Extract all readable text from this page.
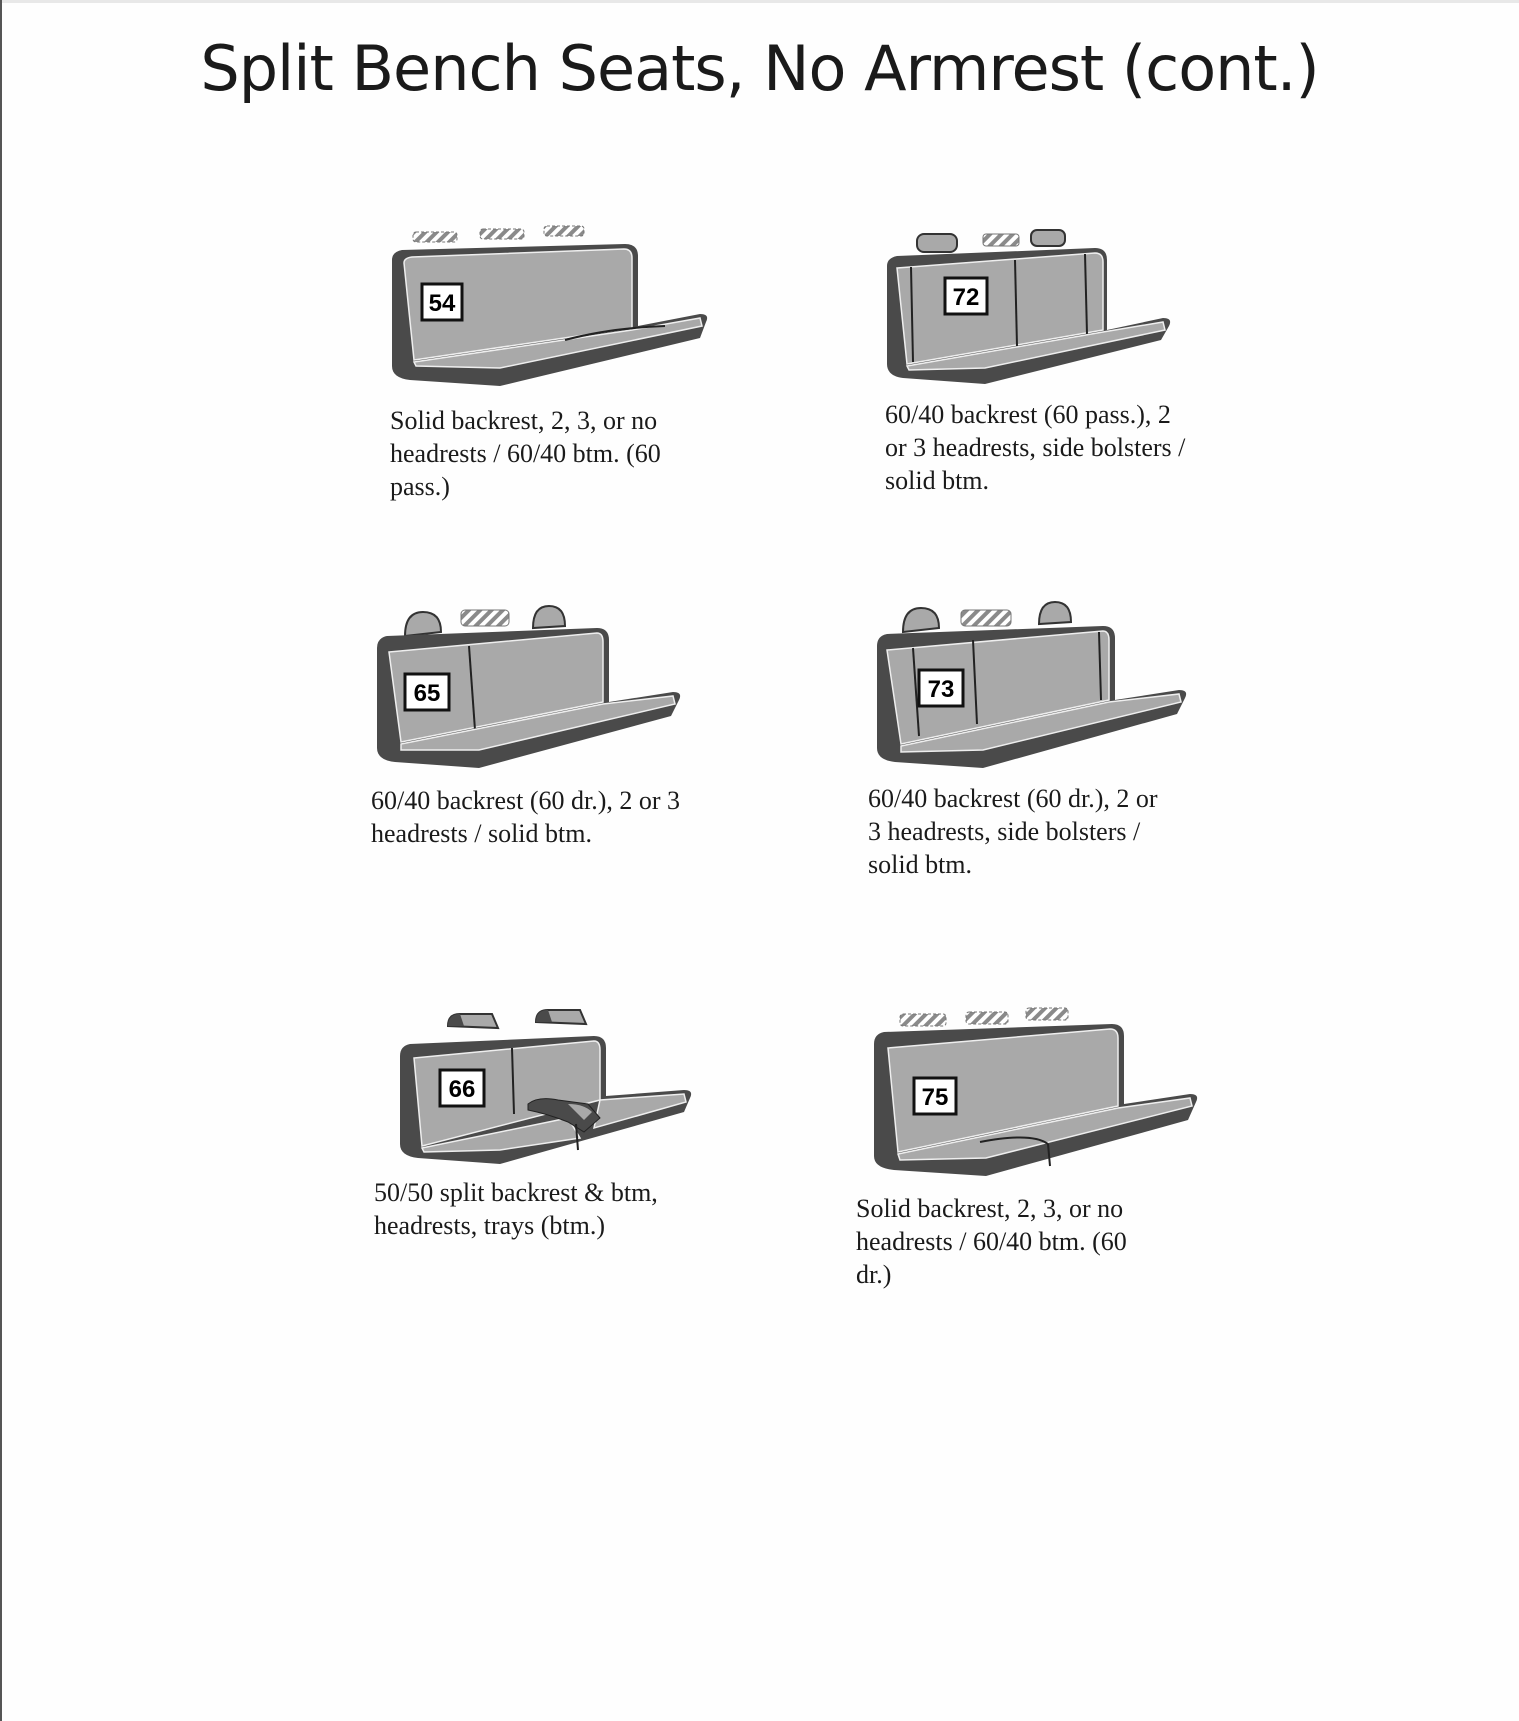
Split Bench Seats, No Armrest (cont.)
54
Solid backrest, 2, 3, or no
headrests / 60/40 btm. (60
pass.)
72
60/40 backrest (60 pass.), 2
or 3 headrests, side bolsters /
solid btm.
65
60/40 backrest (60 dr.), 2 or 3
headrests / solid btm.
73
60/40 backrest (60 dr.), 2 or
3 headrests, side bolsters /
solid btm.
66
50/50 split backrest & btm,
headrests, trays (btm.)
75
Solid backrest, 2, 3, or no
headrests / 60/40 btm. (60
dr.)
